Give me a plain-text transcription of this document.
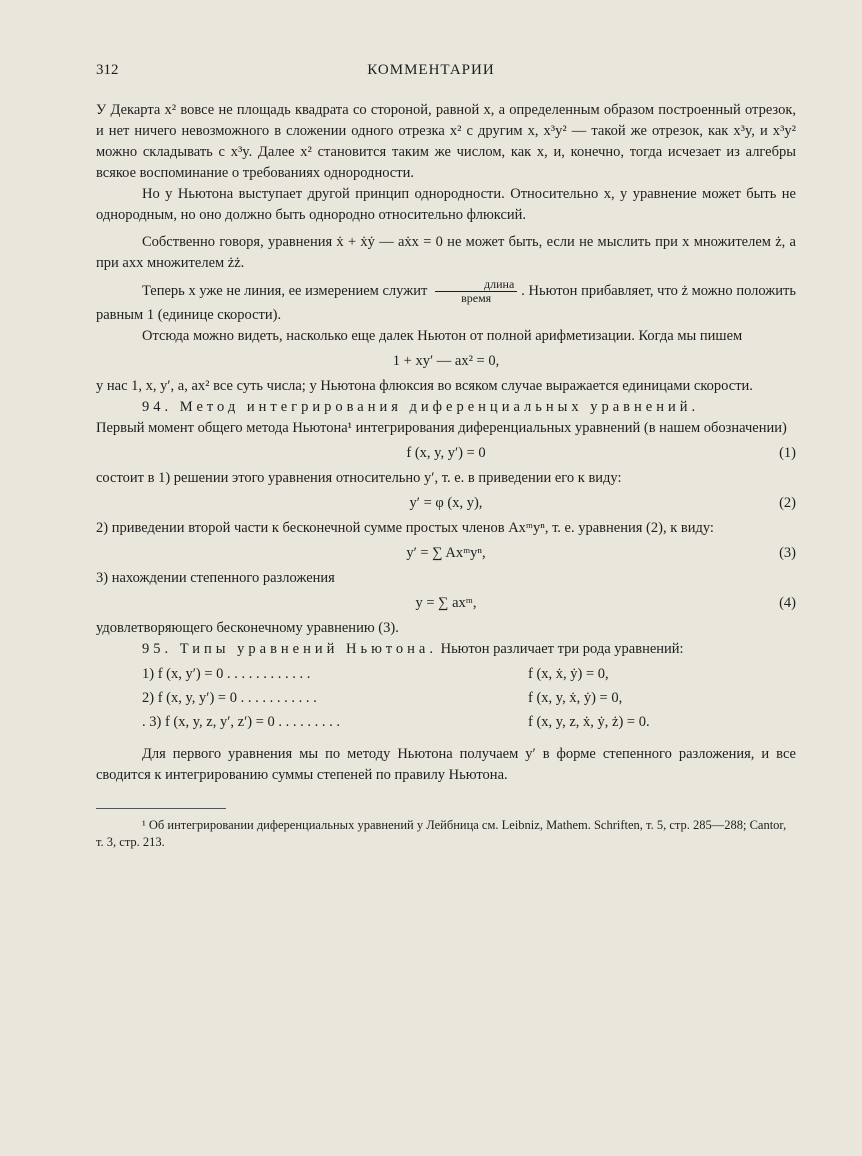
312	КОММЕНТАРИИ

У Декарта x² вовсе не площадь квадрата со стороной, равной x, а определенным образом построенный отрезок, и нет ничего невозможного в сложении одного отрезка x² с другим x, x³y² — такой же отрезок, как x³y, и x³y² можно складывать с x³y. Далее x² становится таким же числом, как x, и, конечно, тогда исчезает из алгебры всякое воспоминание о требованиях однородности.

Но у Ньютона выступает другой принцип однородности. Относительно x, y уравнение может быть не однородным, но оно должно быть однородно относительно флюксий.

Собственно говоря, уравнения ẋ + ẋẏ — aẋx = 0 не может быть, если не мыслить при x множителем ż, а при axx множителем żż.

Теперь x уже не линия, ее измерением служит $\frac{\text{длина}}{\text{время}}$ . Ньютон прибавляет, что ż можно положить равным 1 (единице скорости).

Отсюда можно видеть, насколько еще далек Ньютон от полной арифметизации. Когда мы пишем

1 + xy′ — ax² = 0,

у нас 1, x, y′, a, ax² все суть числа; у Ньютона флюксия во всяком случае выражается единицами скорости.

94. Метод интегрирования диференциальных уравнений.

Первый момент общего метода Ньютона¹ интегрирования диференциальных уравнений (в нашем обозначении)

f (x, y, y′) = 0	(1)

состоит в 1) решении этого уравнения относительно y′, т. е. в приведении его к виду:

y′ = φ (x, y),	(2)

2) приведении второй части к бесконечной сумме простых членов Axᵐyⁿ, т. е. уравнения (2), к виду:

y′ = ∑ Axᵐyⁿ,	(3)

3) нахождении степенного разложения

y = ∑ axᵐ,	(4)

удовлетворяющего бесконечному уравнению (3).

95. Типы уравнений Ньютона. Ньютон различает три рода уравнений:

1) f (x, y′) = 0 . . . . . . . . . . . .	f (x, ẋ, ẏ) = 0,
2) f (x, y, y′) = 0 . . . . . . . . . . .	f (x, y, ẋ, ẏ) = 0,
. 3) f (x, y, z, y′, z′) = 0 . . . . . . . . .	f (x, y, z, ẋ, ẏ, ż) = 0.

Для первого уравнения мы по методу Ньютона получаем y′ в форме степенного разложения, и все сводится к интегрированию суммы степеней по правилу Ньютона.

¹ Об интегрировании диференциальных уравнений у Лейбница см. Leibniz, Mathem. Schriften, т. 5, стр. 285—288; Cantor, т. 3, стр. 213.
